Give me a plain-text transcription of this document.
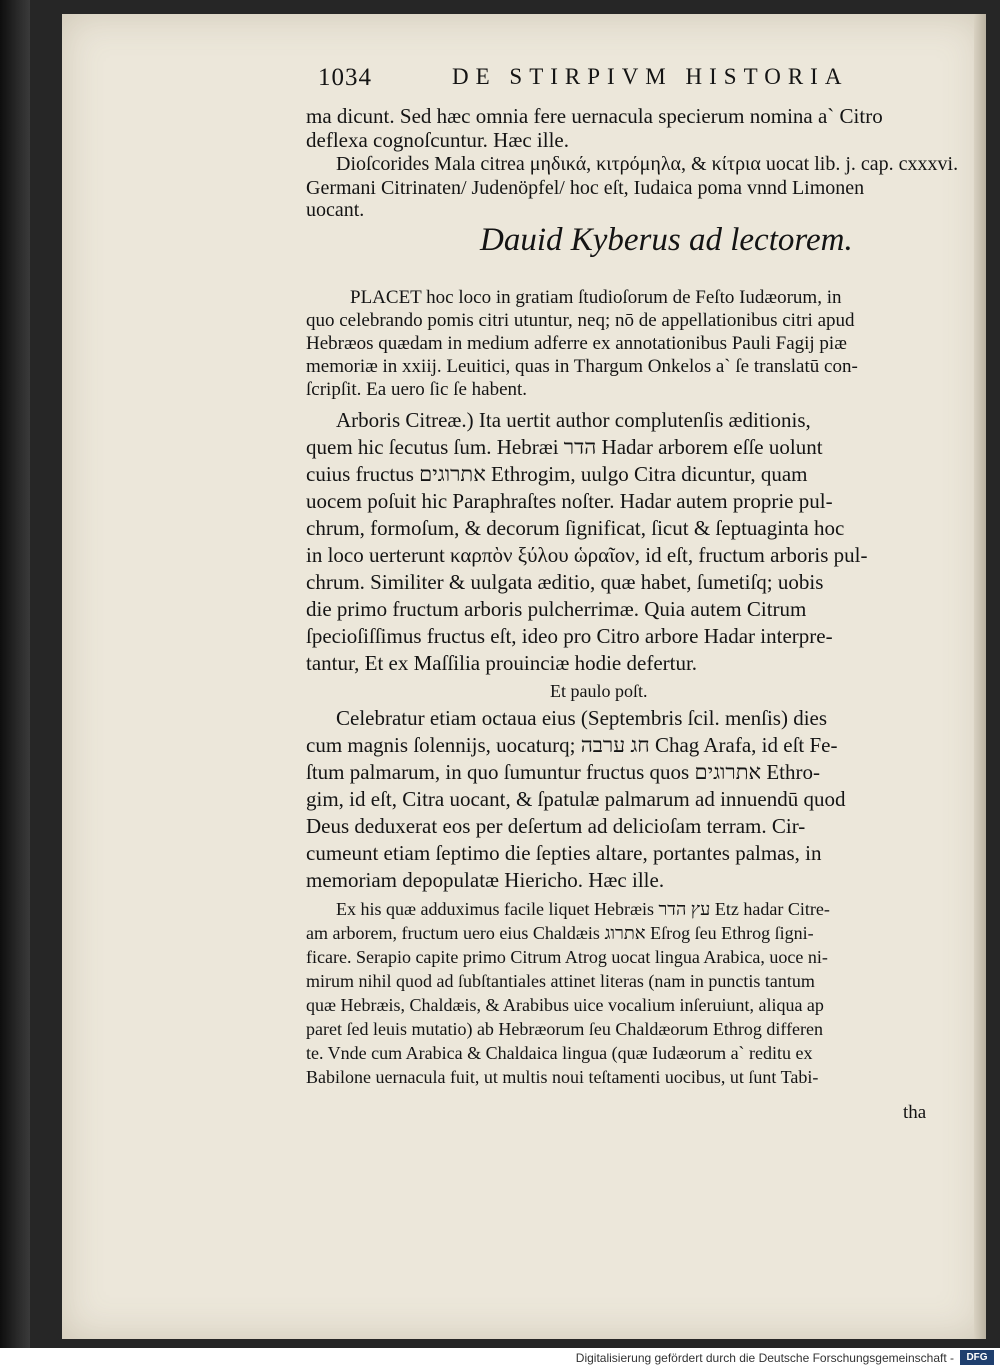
1034	DE STIRPIVM HISTORIA
ma dicunt. Sed hæc omnia fere uernacula specierum nomina a` Citro
deflexa cognoſcuntur. Hæc ille.
Dioſcorides Mala citrea μηδικά, κιτρόμηλα, & κίτρια uocat lib. j. cap. cxxxvi.
Germani Citrinaten/ Judenöpfel/ hoc eſt, Iudaica poma vnnd Limonen
uocant.
Dauid Kyberus ad lectorem.
PLACET hoc loco in gratiam ſtudioſorum de Feſto Iudæorum, in
quo celebrando pomis citri utuntur, neq; nō de appellationibus citri apud
Hebræos quædam in medium adferre ex annotationibus Pauli Fagij piæ
memoriæ in xxiij. Leuitici, quas in Thargum Onkelos a` ſe translatū con-
ſcripſit. Ea uero ſic ſe habent.
Arboris Citreæ.) Ita uertit author complutenſis æditionis,
quem hic ſecutus ſum. Hebræi הדר Hadar arborem eſſe uolunt
cuius fructus אתרוגים Ethrogim, uulgo Citra dicuntur, quam
uocem poſuit hic Paraphraſtes noſter. Hadar autem proprie pul-
chrum, formoſum, & decorum ſignificat, ſicut & ſeptuaginta hoc
in loco uerterunt καρπὸν ξύλου ὡραῖον, id eſt, fructum arboris pul-
chrum. Similiter & uulgata æditio, quæ habet, ſumetiſq; uobis
die primo fructum arboris pulcherrimæ. Quia autem Citrum
ſpecioſiſſimus fructus eſt, ideo pro Citro arbore Hadar interpre-
tantur, Et ex Maſſilia prouinciæ hodie defertur.
Et paulo poſt.
Celebratur etiam octaua eius (Septembris ſcil. menſis) dies
cum magnis ſolennijs, uocaturq; חג ערבה Chag Arafa, id eſt Fe-
ſtum palmarum, in quo ſumuntur fructus quos אתרוגים Ethro-
gim, id eſt, Citra uocant, & ſpatulæ palmarum ad innuendū quod
Deus deduxerat eos per deſertum ad delicioſam terram. Cir-
cumeunt etiam ſeptimo die ſepties altare, portantes palmas, in
memoriam depopulatæ Hiericho. Hæc ille.
Ex his quæ adduximus facile liquet Hebræis עץ הדר Etz hadar Citre-
am arborem, fructum uero eius Chaldæis אתרוג Eſrog ſeu Ethrog ſigni-
ficare. Serapio capite primo Citrum Atrog uocat lingua Arabica, uoce ni-
mirum nihil quod ad ſubſtantiales attinet literas (nam in punctis tantum
quæ Hebræis, Chaldæis, & Arabibus uice vocalium inſeruiunt, aliqua ap
paret ſed leuis mutatio) ab Hebræorum ſeu Chaldæorum Ethrog differen
te. Vnde cum Arabica & Chaldaica lingua (quæ Iudæorum a` reditu ex
Babilone uernacula fuit, ut multis noui teſtamenti uocibus, ut ſunt Tabi-
tha
Digitalisierung gefördert durch die Deutsche Forschungsgemeinschaft -	DFG
